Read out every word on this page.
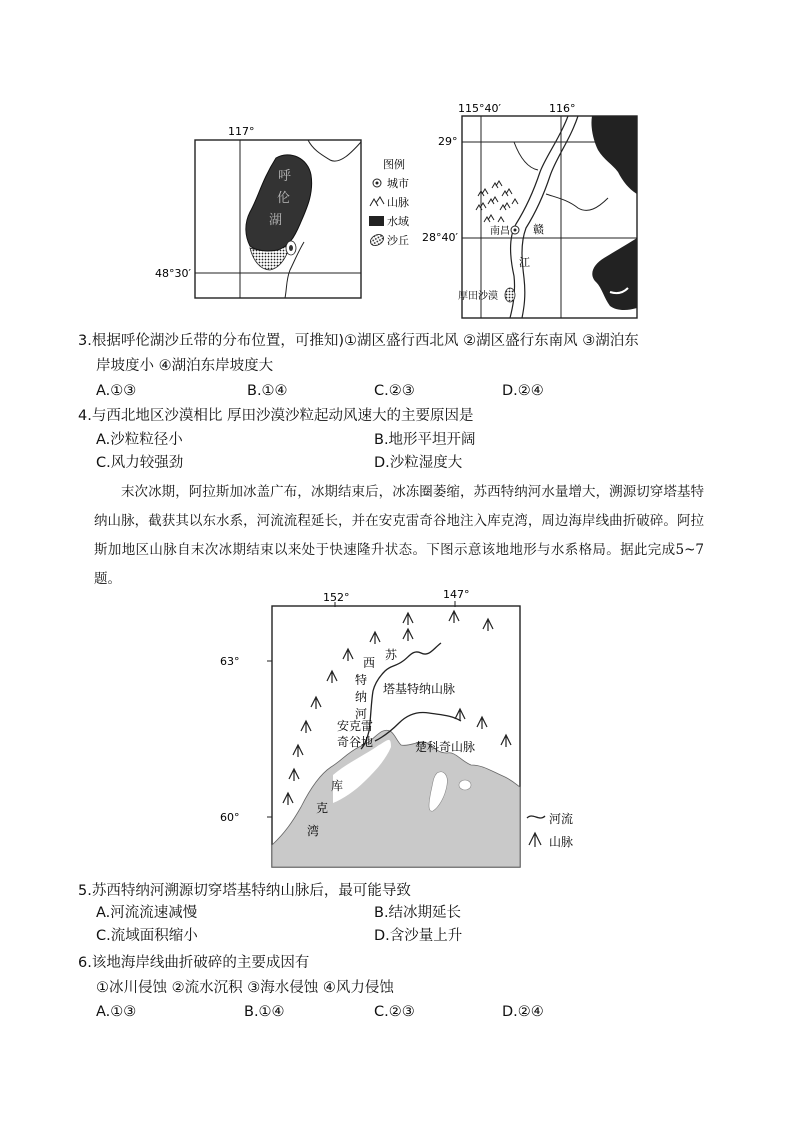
117°
48°30′
呼
伦
湖
图例
城市
山脉
水域
沙丘
115°40′	116°
29°
28°40′	南昌 赣
江
厚田沙漠
3.根据呼伦湖沙丘带的分布位置，可推知)①湖区盛行西北风 ②湖区盛行东南风 ③湖泊东
岸坡度小 ④湖泊东岸坡度大
A.①③	B.①④	C.②③	D.②④
4.与西北地区沙漠相比 厚田沙漠沙粒起动风速大的主要原因是
A.沙粒粒径小	B.地形平坦开阔
C.风力较强劲	D.沙粒湿度大

末次冰期，阿拉斯加冰盖广布，冰期结束后，冰冻圈萎缩，苏西特纳河水量增大，溯源切穿塔基特纳山脉，截获其以东水系，河流流程延长，并在安克雷奇谷地注入库克湾，周边海岸线曲折破碎。阿拉斯加地区山脉自末次冰期结束以来处于快速隆升状态。下图示意该地地形与水系格局。据此完成5~7题。

152°	147°
63°
60°
苏
西
特
纳
河
塔基特纳山脉
安克雷
奇谷地	楚科奇山脉
库
克
湾
河流
山脉
5.苏西特纳河溯源切穿塔基特纳山脉后，最可能导致
A.河流流速减慢	B.结冰期延长
C.流域面积缩小	D.含沙量上升
6.该地海岸线曲折破碎的主要成因有
①冰川侵蚀 ②流水沉积 ③海水侵蚀 ④风力侵蚀
A.①③	B.①④	C.②③	D.②④
